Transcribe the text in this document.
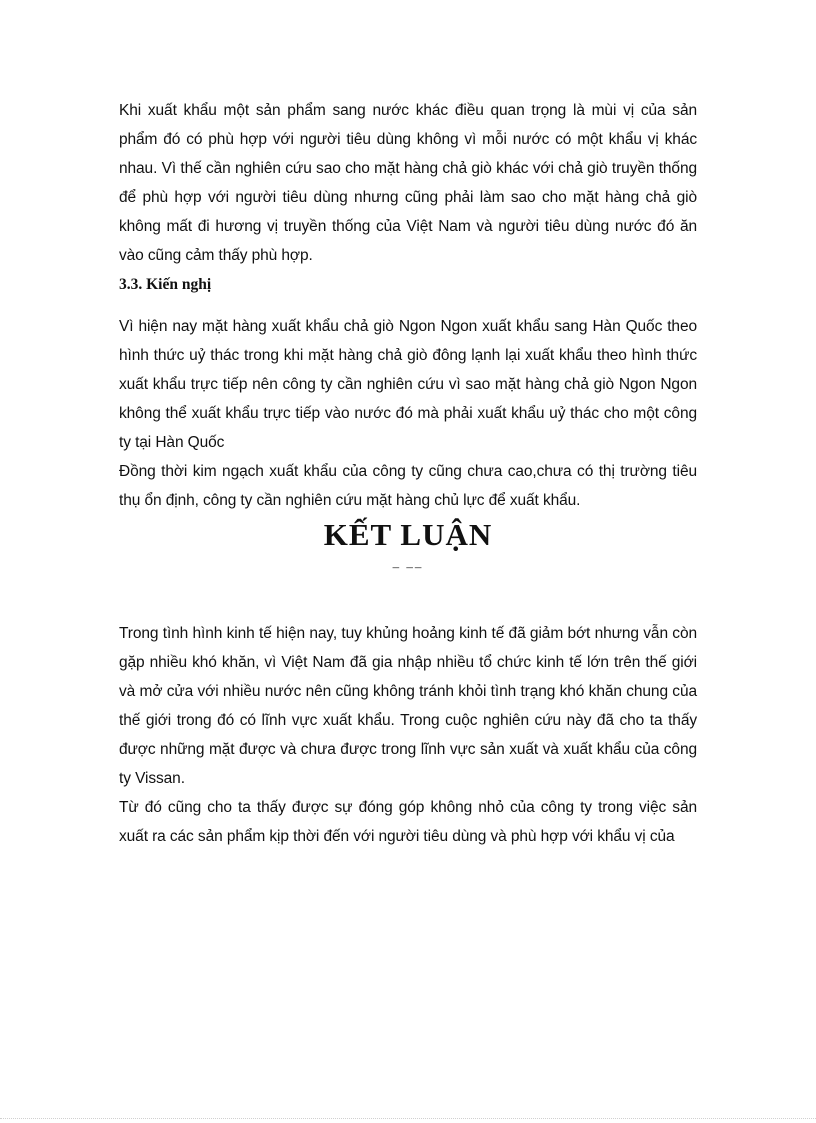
Khi xuất khẩu một sản phẩm sang nước khác điều quan trọng là mùi vị của sản phẩm đó có phù hợp với người tiêu dùng không vì mỗi nước có một khẩu vị khác nhau. Vì thế cần nghiên cứu sao cho mặt hàng chả giò khác với chả giò truyền thống để phù hợp với người tiêu dùng nhưng cũng phải làm sao cho mặt hàng chả giò không mất đi hương vị truyền thống của Việt Nam và người tiêu dùng nước đó ăn vào cũng cảm thấy phù hợp.

3.3. Kiến nghị

Vì hiện nay mặt hàng xuất khẩu chả giò Ngon Ngon xuất khẩu sang Hàn Quốc theo hình thức uỷ thác trong khi mặt hàng chả giò đông lạnh lại xuất khẩu theo hình thức xuất khẩu trực tiếp nên công ty cần nghiên cứu vì sao mặt hàng chả giò Ngon Ngon không thể xuất khẩu trực tiếp vào nước đó mà phải xuất khẩu uỷ thác cho một công ty tại Hàn Quốc

Đồng thời kim ngạch xuất khẩu của công ty cũng chưa cao,chưa có thị trường tiêu thụ ổn định, công ty cần nghiên cứu mặt hàng chủ lực để xuất khẩu.

KẾT LUẬN
– ––

Trong tình hình kinh tế hiện nay, tuy khủng hoảng kinh tế đã giảm bớt nhưng vẫn còn gặp nhiều khó khăn, vì Việt Nam đã gia nhập nhiều tổ chức kinh tế lớn trên thế giới và mở cửa với nhiều nước nên cũng không tránh khỏi tình trạng khó khăn chung của thế giới trong đó có lĩnh vực xuất khẩu. Trong cuộc nghiên cứu này đã cho ta thấy được những mặt được và chưa được trong lĩnh vực sản xuất và xuất khẩu của công ty Vissan.

Từ đó cũng cho ta thấy được sự đóng góp không nhỏ của công ty trong việc sản xuất ra các sản phẩm kịp thời đến với người tiêu dùng và phù hợp với khẩu vị của
